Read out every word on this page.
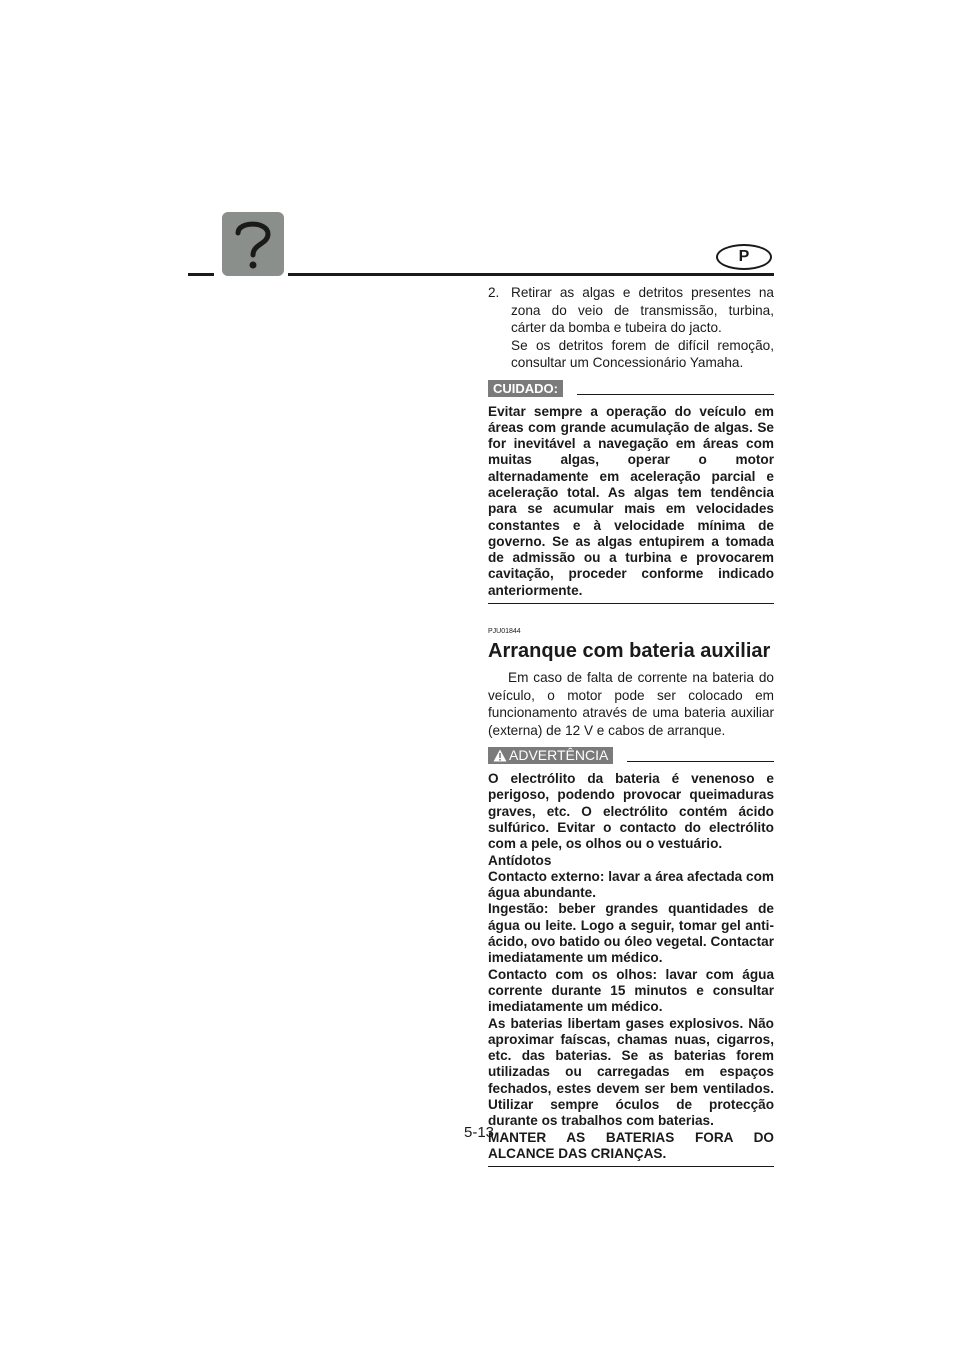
P
2. Retirar as algas e detritos presentes na zona do veio de transmissão, turbina, cárter da bomba e tubeira do jacto.

Se os detritos forem de difícil remoção, consultar um Concessionário Yamaha.

CUIDADO:

Evitar sempre a operação do veículo em áreas com grande acumulação de algas. Se for inevitável a navegação em áreas com muitas algas, operar o motor alternadamente em aceleração parcial e aceleração total. As algas tem tendência para se acumular mais em velocidades constantes e à velocidade mínima de governo. Se as algas entupirem a tomada de admissão ou a turbina e provocarem cavitação, proceder conforme indicado anteriormente.

PJU01844
Arranque com bateria auxiliar

Em caso de falta de corrente na bateria do veículo, o motor pode ser colocado em funcionamento através de uma bateria auxiliar (externa) de 12 V e cabos de arranque.

ADVERTÊNCIA

O electrólito da bateria é venenoso e perigoso, podendo provocar queimaduras graves, etc. O electrólito contém ácido sulfúrico. Evitar o contacto do electrólito com a pele, os olhos ou o vestuário.

Antídotos

Contacto externo: lavar a área afectada com água abundante.

Ingestão: beber grandes quantidades de água ou leite. Logo a seguir, tomar gel anti-ácido, ovo batido ou óleo vegetal. Contactar imediatamente um médico.

Contacto com os olhos: lavar com água corrente durante 15 minutos e consultar imediatamente um médico.

As baterias libertam gases explosivos. Não aproximar faíscas, chamas nuas, cigarros, etc. das baterias. Se as baterias forem utilizadas ou carregadas em espaços fechados, estes devem ser bem ventilados. Utilizar sempre óculos de protecção durante os trabalhos com baterias.

MANTER AS BATERIAS FORA DO ALCANCE DAS CRIANÇAS.

5-13
